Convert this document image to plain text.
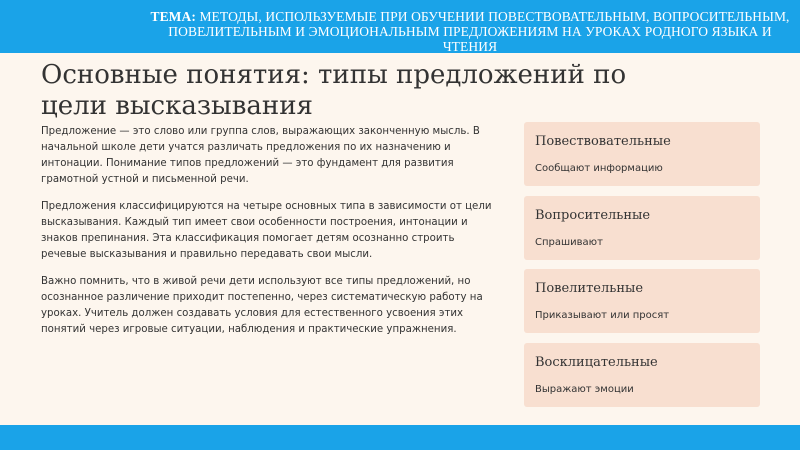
ТЕМА: МЕТОДЫ, ИСПОЛЬЗУЕМЫЕ ПРИ ОБУЧЕНИИ ПОВЕСТВОВАТЕЛЬНЫМ, ВОПРОСИТЕЛЬНЫМ, ПОВЕЛИТЕЛЬНЫМ И ЭМОЦИОНАЛЬНЫМ ПРЕДЛОЖЕНИЯМ НА УРОКАХ РОДНОГО ЯЗЫКА И ЧТЕНИЯ
Основные понятия: типы предложений по цели высказывания

Предложение — это слово или группа слов, выражающих законченную мысль. В начальной школе дети учатся различать предложения по их назначению и интонации. Понимание типов предложений — это фундамент для развития грамотной устной и письменной речи.

Предложения классифицируются на четыре основных типа в зависимости от цели высказывания. Каждый тип имеет свои особенности построения, интонации и знаков препинания. Эта классификация помогает детям осознанно строить речевые высказывания и правильно передавать свои мысли.

Важно помнить, что в живой речи дети используют все типы предложений, но осознанное различение приходит постепенно, через систематическую работу на уроках. Учитель должен создавать условия для естественного усвоения этих понятий через игровые ситуации, наблюдения и практические упражнения.

Повествовательные
Сообщают информацию
Вопросительные
Спрашивают
Повелительные
Приказывают или просят
Восклицательные
Выражают эмоции
